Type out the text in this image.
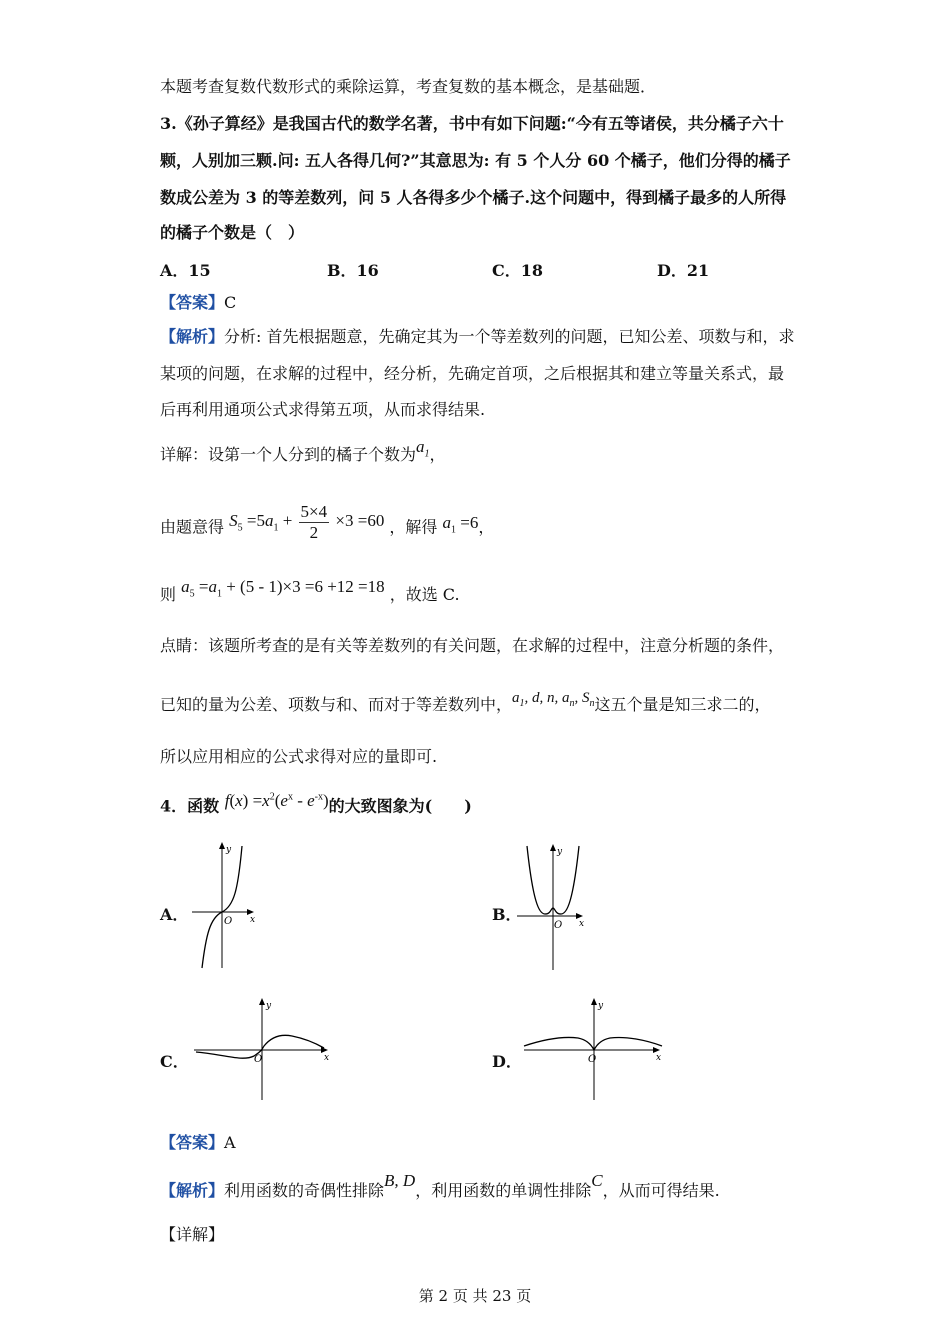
本题考查复数代数形式的乘除运算，考查复数的基本概念，是基础题．
3.《孙子算经》是我国古代的数学名著，书中有如下问题:“今有五等诸侯，共分橘子六十
颗，人别加三颗.问: 五人各得几何?”其意思为: 有 5 个人分 60 个橘子，他们分得的橘子
数成公差为 3 的等差数列，问 5 人各得多少个橘子.这个问题中，得到橘子最多的人所得
的橘子个数是（　）
A．15	B．16	C．18	D．21
【答案】C
【解析】分析: 首先根据题意，先确定其为一个等差数列的问题，已知公差、项数与和，求
某项的问题，在求解的过程中，经分析，先确定首项，之后根据其和建立等量关系式，最
后再利用通项公式求得第五项，从而求得结果.
详解：设第一个人分到的橘子个数为$a_1$，
由题意得 $S_5 =5a_1 + \frac{5\times 4}{2} \times 3 =60$ ，解得 $a_1 =6$，
则 $a_5 =a_1 + (5 - 1)\times 3 =6 +12 =18$ ，故选 C.
点睛：该题所考查的是有关等差数列的有关问题，在求解的过程中，注意分析题的条件，
已知的量为公差、项数与和、而对于等差数列中，$a_1$, d, n, $a_n$, $S_n$这五个量是知三求二的，
所以应用相应的公式求得对应的量即可.
4．函数 $f(x) =x^2(e^x - e^{-x})$的大致图象为(　　)
A．
y
x
O	B．
y
x
O
C．
y
x
O	D．
y
x
O
【答案】A
【解析】利用函数的奇偶性排除B, D，利用函数的单调性排除C，从而可得结果.
【详解】
第 2 页 共 23 页
